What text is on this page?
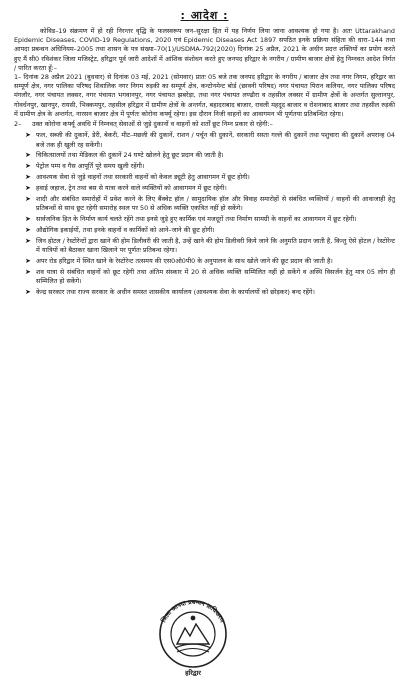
: आदेश :

कोविड–19 संक्रमण में हो रही निरन्तर वृद्धि के फलस्वरूप जन–सुरक्षा हित में यह निर्णय लिया जाना आवश्यक हो गया है। अतः Uttarakhand Epidemic Diseases, COVID-19 Regulations, 2020 एवं Epidemic Diseases Act 1897 सपठित इनके प्रक्रिया संहिता की धारा–144 तथा आपदा प्रबन्धन अधिनियम–2005 तथा शासन के पत्र संख्या–70(1)/USDMA-792(2020) दिनांक 25 अप्रैल, 2021 के अधीन प्रदत्त शक्तियों का प्रयोग करते हुए मैं सी0 रविशंकर जिला मजिस्ट्रेट, हरिद्वार पूर्व जारी आदेशों में आंशिक संशोधन करते हुए जनपद हरिद्वार के नगरीय / ग्रामीण बाजार क्षेत्रों हेतु निम्नवत आदेश निर्गत / पारित करता हूँ:–

1– दिनांक 28 अप्रैल 2021 (बुधवार) से दिनांक 03 मई, 2021 (सोमवार) प्रातः 05 बजे तक जनपद हरिद्वार के नगरीय / बाजार क्षेत्र तथा नगर निगम, हरिद्वार का सम्पूर्ण क्षेत्र, नगर पालिका परिषद शिवालिक नगर निगम रुड़की का सम्पूर्ण क्षेत्र, कन्टोनमेन्ट बोर्ड (छावनी परिषद) नगर पंचायत पिरान कलियर, नगर पालिका परिषद मंगलौर, नगर पंचायत लक्सर, नगर पंचायत भगवानपुर, नगर पंचायत झबरेड़ा, तथा नगर पंचायत लण्ढौरा व तहसील लक्सर में ग्रामीण क्षेत्रों के अन्तर्गत सुल्तानपुर, गोवर्धनपुर, खानपुर, रायसी, भिक्कमपुर, तहसील हरिद्वार में ग्रामीण क्षेत्रों के अन्तर्गत, बहादराबाद बाजार, रावली महदूद बाजार व रोशनाबाद बाजार तथा तहसील रुड़की में ग्रामीण क्षेत्र के अन्तर्गत, नारसन बाजार क्षेत्र में पूर्णतः कोरोना कर्फ्यू रहेगा। इस दौरान निजी वाहनों का आवागमन भी पूर्णतया प्रतिबन्धित रहेगा।

2–	उक्त कोरोना कर्फ्यू अवधि में निम्नवत् सेवाओं से जुड़े दुकानों व वाहनों को शर्तों छूट निम्न प्रकार से रहेगी:–
➤ फल, सब्जी की दुकानें, डेरी, बेकरी, मीट–मछली की दुकानें, राशन / पर्चून की दुकानें, सरकारी सस्ता गल्ले की दुकानें तथा पशुचारा की दुकानें अपरान्ह 04 बजे तक ही खुली रह सकेंगी।
➤ चिकित्सालयों तथा मेडिकल की दुकानें 24 घण्टे खोलने हेतु छूट प्रदान की जाती है।
➤ पेट्रोल पम्प व गैस आपूर्ति पूरे समय खुली रहेंगी।
➤ आवश्यक सेवा से जुड़े वाहनों तथा सरकारी वाहनों को केवल ड्यूटी हेतु आवागमन में छूट होगी।
➤ हवाई जहाज, ट्रेन तथा बस से यात्रा करने वाले व्यक्तियों को आवागमन में छूट रहेगी।
➤ शादी और संबंधित समारोहों में प्रवेश करने के लिए बैंक्वेट हॉल / सामुदायिक हॉल और विवाह समारोहों से संबंधित व्यक्तियों / वाहनों की आवाजाही हेतु प्रतिबन्धों से साथ छूट रहेगी समारोह स्थल पर 50 से अधिक व्यक्ति एकत्रित नहीं हो सकेंगे।
➤ सार्वजनिक हित के निर्माण कार्य चलते रहेंगे तथा इनसे जुड़े हुए कार्मिक एवं मजदूरों तथा निर्माण सामग्री के वाहनों का आवागमन में छूट रहेगी।
➤ औद्योगिक इकाईयों, तथा इनके वाहनों व कार्मिकों को आने–जाने की छूट होगी।
➤ जिन होटल / रेस्टोरेन्टों द्वारा खाने की होम डिलीवरी की जाती है, उन्हें खाने की होम डिलीवरी किये जाने कि अनुमति प्रदान जाती है, किन्तु ऐसे होटल / रेस्टोरेन्ट में यात्रियों को बैठाकर खाना खिलाने पर पूर्णतः प्रतिबन्ध रहेगा।
➤ अपर रोड हरिद्वार में स्थित खाने के रेस्टोरेन्ट तत्समय की एस0ओ0पी0 के अनुपालन के साथ खोले जाने की छूट प्रदान की जाती है।
➤ शव यात्रा से संबंधित वाहनों को छूट रहेगी तथा अंतिम संस्कार में 20 से अधिक व्यक्ति सम्मिलित नहीं हो सकेंगे व अस्थि विसर्जन हेतु मात्र 05 लोग ही सम्मिलित हो सकेंगे।
➤ केन्द्र सरकार तथा राज्य सरकार के अधीन समस्त शासकीय कार्यालय (आवश्यक सेवा के कार्यालयों को छोड़कर) बन्द रहेंगे।
जिला आपदा प्रबन्धन प्राधिकरण
हरिद्वार
